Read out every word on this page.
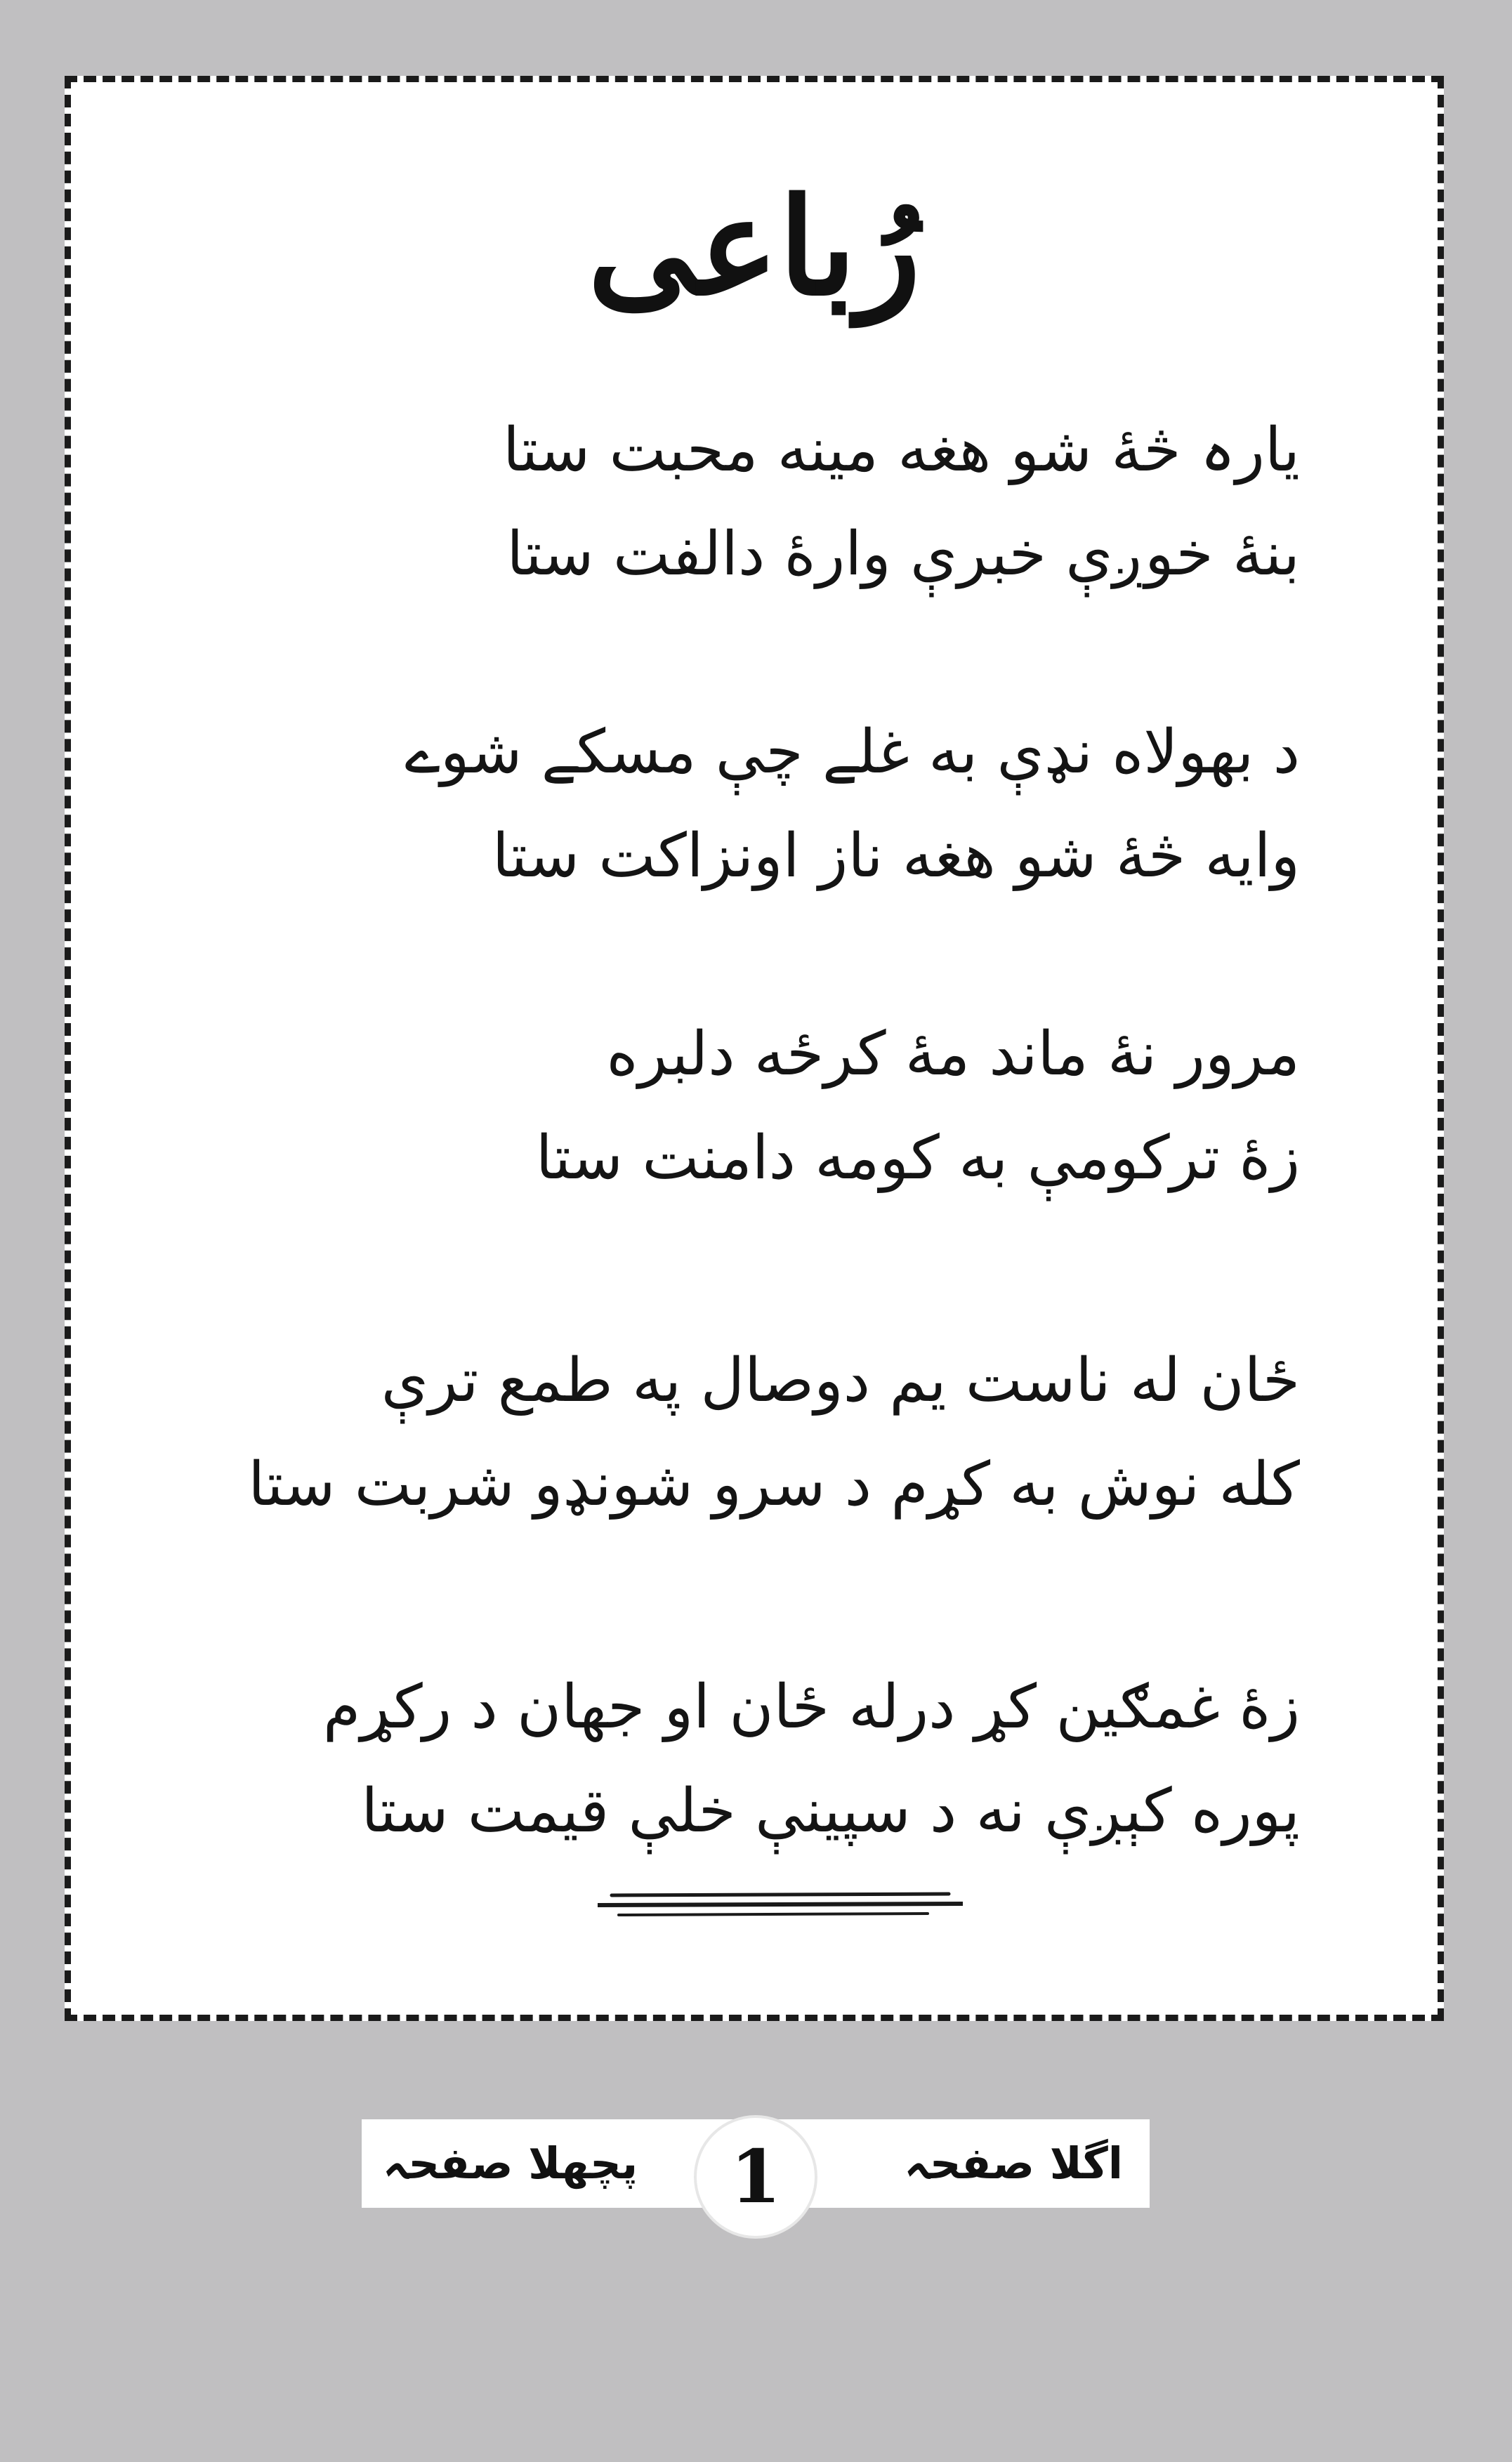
رُباعی
یارہ څۀ شو هغه مینه محبت ستا
بنۀ خوږې خبرې وارۀ دالفت ستا
د بهولاه نډې به غلے چې مسکے شوے
وایه څۀ شو هغه ناز اونزاکت ستا
مرور نۀ ماند مۀ کرځه دلبره
زۀ ترکومې به کومه دامنت ستا
ځان له ناست یم دوصال په طمع ترې
کله نوش به کړم د سرو شونډو شربت ستا
زۀ غمګین کړ درله ځان او جهان د رکړم
پوره کېږې نه د سپینې خلې قیمت ستا
پچھلا صفحہ	1	اگلا صفحہ
